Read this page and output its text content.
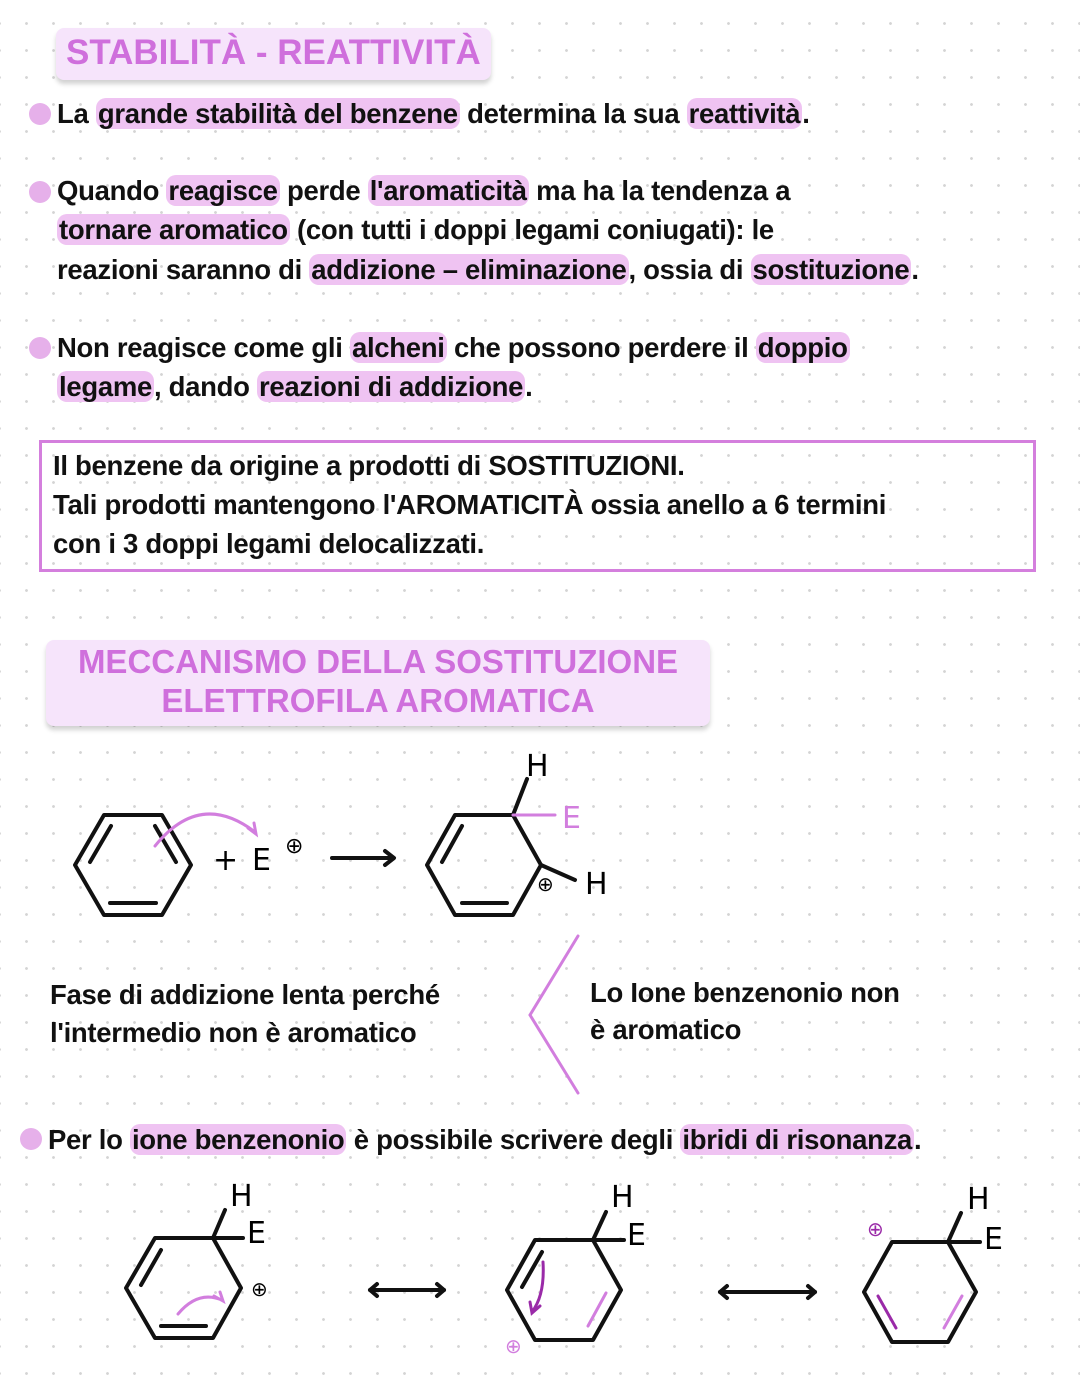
STABILITÀ - REATTIVITÀ
La grande stabilità del benzene determina la sua reattività.
Quando reagisce perde l'aromaticità ma ha la tendenza a
tornare aromatico (con tutti i doppi legami coniugati): le
reazioni saranno di addizione – eliminazione, ossia di sostituzione.
Non reagisce come gli alcheni che possono perdere il doppio
legame, dando reazioni di addizione.
Il benzene da origine a prodotti di SOSTITUZIONI.
Tali prodotti mantengono l'AROMATICITÀ ossia anello a 6 termini
con i 3 doppi legami delocalizzati.
MECCANISMO DELLA SOSTITUZIONE
ELETTROFILA AROMATICA
+ E ⊕
H
E
H
⊕
H
E
⊕
H
E
⊕
H
E
⊕
Fase di addizione lenta perché
l'intermedio non è aromatico
Lo Ione benzenonio non
è aromatico
Per lo ione benzenonio è possibile scrivere degli ibridi di risonanza.
